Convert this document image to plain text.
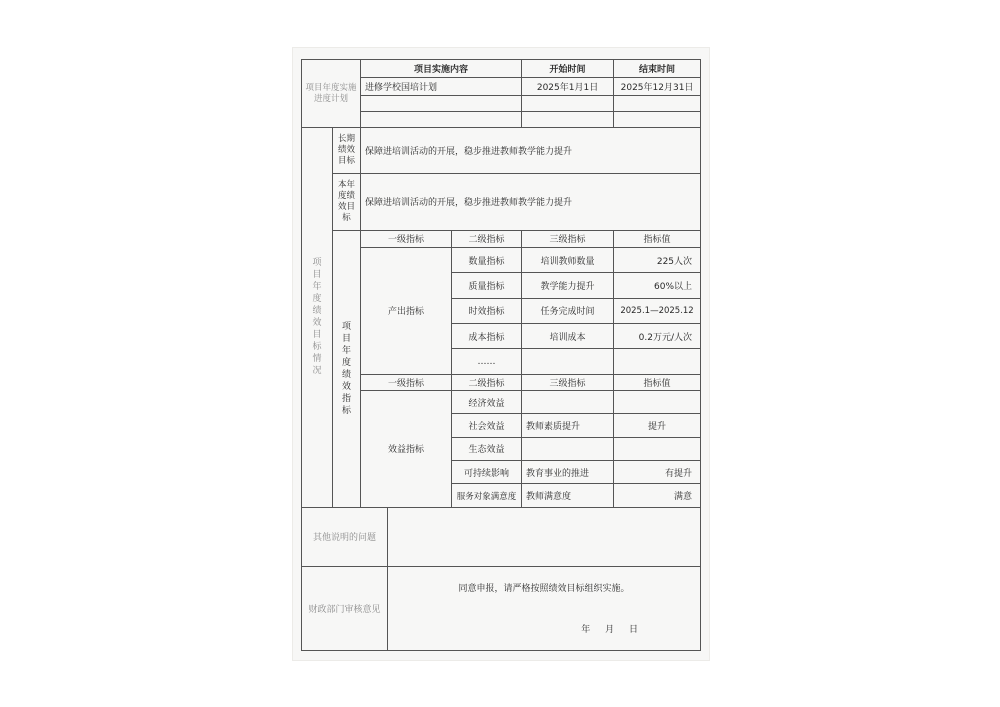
项目年度实施进度计划		项目实施内容			开始时间	结束时间
		进修学校国培计划			2025年1月1日	2025年12月31日

项目年度绩效目标情况	长期绩效目标	保障进培训活动的开展，稳步推进教师教学能力提升				
	本年度绩效目标	保障进培训活动的开展，稳步推进教师教学能力提升				
	项目年度绩效指标	一级指标		二级指标	三级指标	指标值
		产出指标		数量指标	培训教师数量	225人次
				质量指标	教学能力提升	60%以上
				时效指标	任务完成时间	2025.1—2025.12
				成本指标	培训成本	0.2万元/人次
				……		
		一级指标		二级指标	三级指标	指标值
		效益指标		经济效益		
				社会效益	教师素质提升	提升
				生态效益		
				可持续影响	教育事业的推进	有提升
				服务对象满意度	教师满意度	满意
其他说明的问题						
财政部门审核意见			同意申报，请严格按照绩效目标组织实施。
年 月 日			
